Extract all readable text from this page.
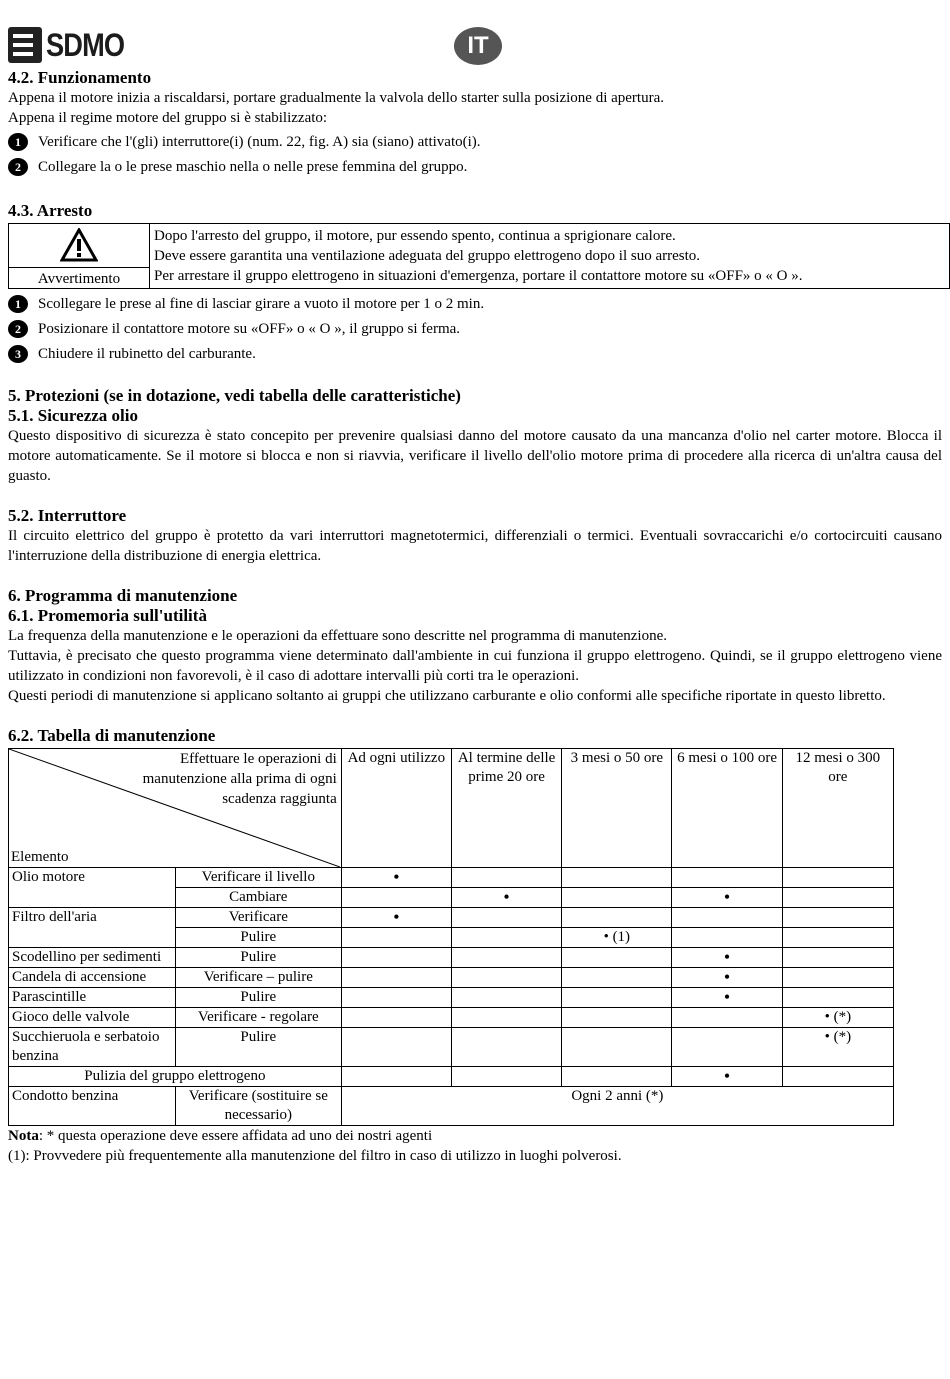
SDMO	IT
4.2. Funzionamento

Appena il motore inizia a riscaldarsi, portare gradualmente la valvola dello starter sulla posizione di apertura.

Appena il regime motore del gruppo si è stabilizzato:

1	Verificare che l'(gli) interruttore(i) (num. 22, fig. A) sia (siano) attivato(i).
2	Collegare la o le prese maschio nella o nelle prese femmina del gruppo.
4.3. Arresto
Avvertimento

Dopo l'arresto del gruppo, il motore, pur essendo spento, continua a sprigionare calore.

Deve essere garantita una ventilazione adeguata del gruppo elettrogeno dopo il suo arresto.

Per arrestare il gruppo elettrogeno in situazioni d'emergenza, portare il contattore motore su «OFF» o « O ».

1	Scollegare le prese al fine di lasciar girare a vuoto il motore per 1 o 2 min.
2	Posizionare il contattore motore su «OFF» o « O », il gruppo si ferma.
3	Chiudere il rubinetto del carburante.
5. Protezioni (se in dotazione, vedi tabella delle caratteristiche)
5.1. Sicurezza olio

Questo dispositivo di sicurezza è stato concepito per prevenire qualsiasi danno del motore causato da una mancanza d'olio nel carter motore. Blocca il motore automaticamente. Se il motore si blocca e non si riavvia, verificare il livello dell'olio motore prima di procedere alla ricerca di un'altra causa del guasto.

5.2. Interruttore

Il circuito elettrico del gruppo è protetto da vari interruttori magnetotermici, differenziali o termici. Eventuali sovraccarichi e/o cortocircuiti causano l'interruzione della distribuzione di energia elettrica.

6. Programma di manutenzione
6.1. Promemoria sull'utilità

La frequenza della manutenzione e le operazioni da effettuare sono descritte nel programma di manutenzione.

Tuttavia, è precisato che questo programma viene determinato dall'ambiente in cui funziona il gruppo elettrogeno. Quindi, se il gruppo elettrogeno viene utilizzato in condizioni non favorevoli, è il caso di adottare intervalli più corti tra le operazioni.

Questi periodi di manutenzione si applicano soltanto ai gruppi che utilizzano carburante e olio conformi alle specifiche riportate in questo libretto.

6.2. Tabella di manutenzione
Effettuare le operazioni di manutenzione alla prima di ogni scadenza raggiunta
Elemento		Ad ogni utilizzo	Al termine delle prime 20 ore	3 mesi o 50 ore	6 mesi o 100 ore	12 mesi o 300 ore
Olio motore	Verificare il livello	•				
	Cambiare		•		•	
Filtro dell'aria	Verificare	•				
	Pulire			• (1)		
Scodellino per sedimenti	Pulire				•	
Candela di accensione	Verificare – pulire				•	
Parascintille	Pulire				•	
Gioco delle valvole	Verificare - regolare					• (*)
Succhieruola e serbatoio benzina	Pulire					• (*)
Pulizia del gruppo elettrogeno					•	
Condotto benzina	Verificare (sostituire se necessario)	Ogni 2 anni (*)				

Nota: * questa operazione deve essere affidata ad uno dei nostri agenti

(1): Provvedere più frequentemente alla manutenzione del filtro in caso di utilizzo in luoghi polverosi.
